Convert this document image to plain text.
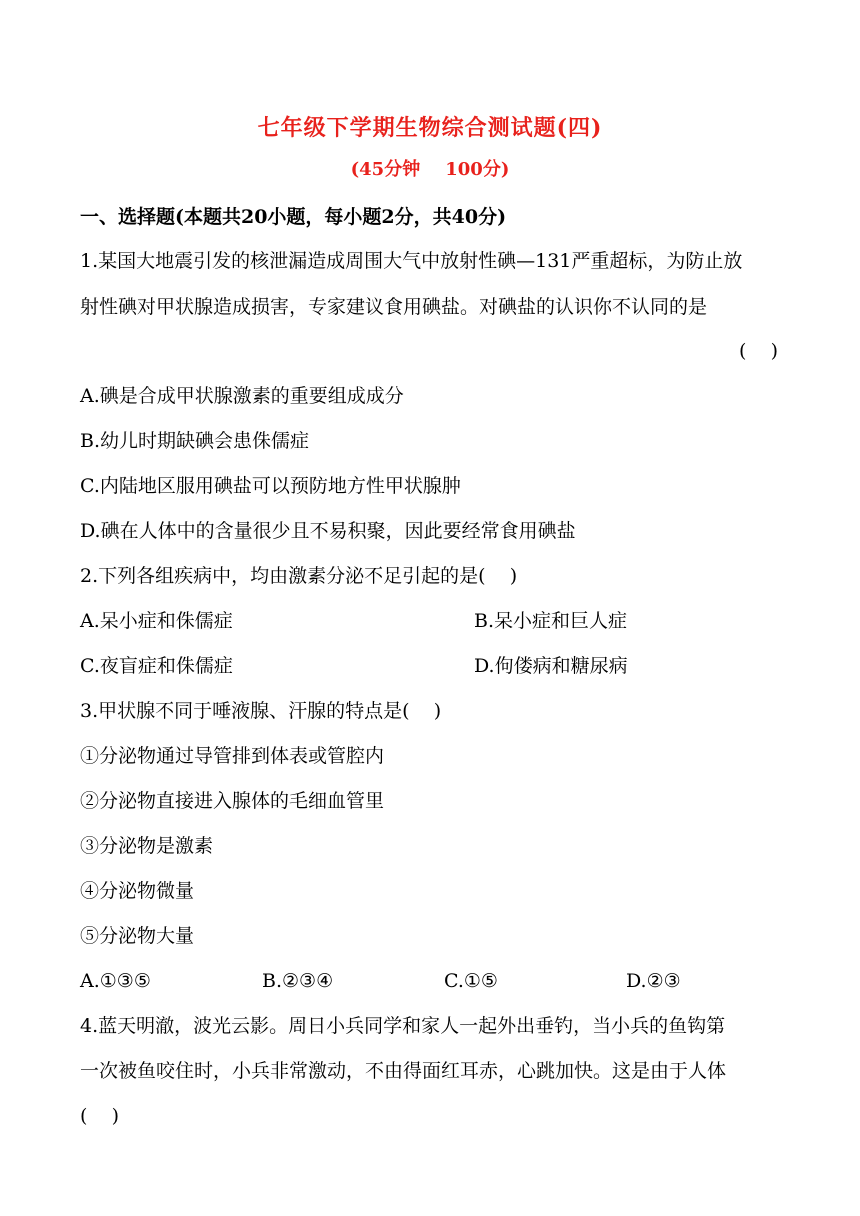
七年级下学期生物综合测试题(四)
(45分钟    100分)
一、选择题(本题共20小题，每小题2分，共40分)
1.某国大地震引发的核泄漏造成周围大气中放射性碘—131严重超标，为防止放
射性碘对甲状腺造成损害，专家建议食用碘盐。对碘盐的认识你不认同的是
(    )
A.碘是合成甲状腺激素的重要组成成分
B.幼儿时期缺碘会患侏儒症
C.内陆地区服用碘盐可以预防地方性甲状腺肿
D.碘在人体中的含量很少且不易积聚，因此要经常食用碘盐
2.下列各组疾病中，均由激素分泌不足引起的是(    )
A.呆小症和侏儒症	B.呆小症和巨人症
C.夜盲症和侏儒症	D.佝偻病和糖尿病
3.甲状腺不同于唾液腺、汗腺的特点是(    )
①分泌物通过导管排到体表或管腔内
②分泌物直接进入腺体的毛细血管里
③分泌物是激素
④分泌物微量
⑤分泌物大量
A.①③⑤	B.②③④	C.①⑤	D.②③
4.蓝天明澈，波光云影。周日小兵同学和家人一起外出垂钓，当小兵的鱼钩第
一次被鱼咬住时，小兵非常激动，不由得面红耳赤，心跳加快。这是由于人体
(    )
